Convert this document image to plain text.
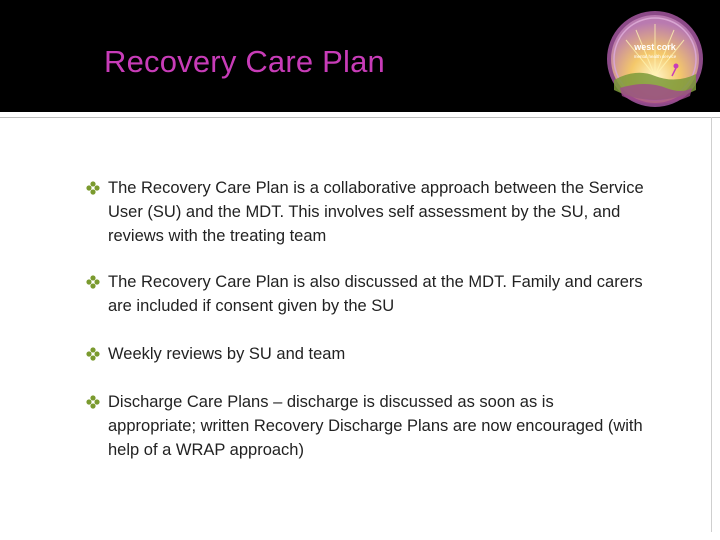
Recovery Care Plan	west cork
mental health service
The Recovery Care Plan is a collaborative approach between the Service User (SU) and the MDT. This involves self assessment by the SU, and reviews with the treating team
The Recovery Care Plan is also discussed at the MDT. Family and carers are included if consent given by the SU
Weekly reviews by SU and team
Discharge Care Plans – discharge is discussed as soon as is appropriate; written Recovery Discharge Plans are now encouraged (with help of a WRAP approach)
